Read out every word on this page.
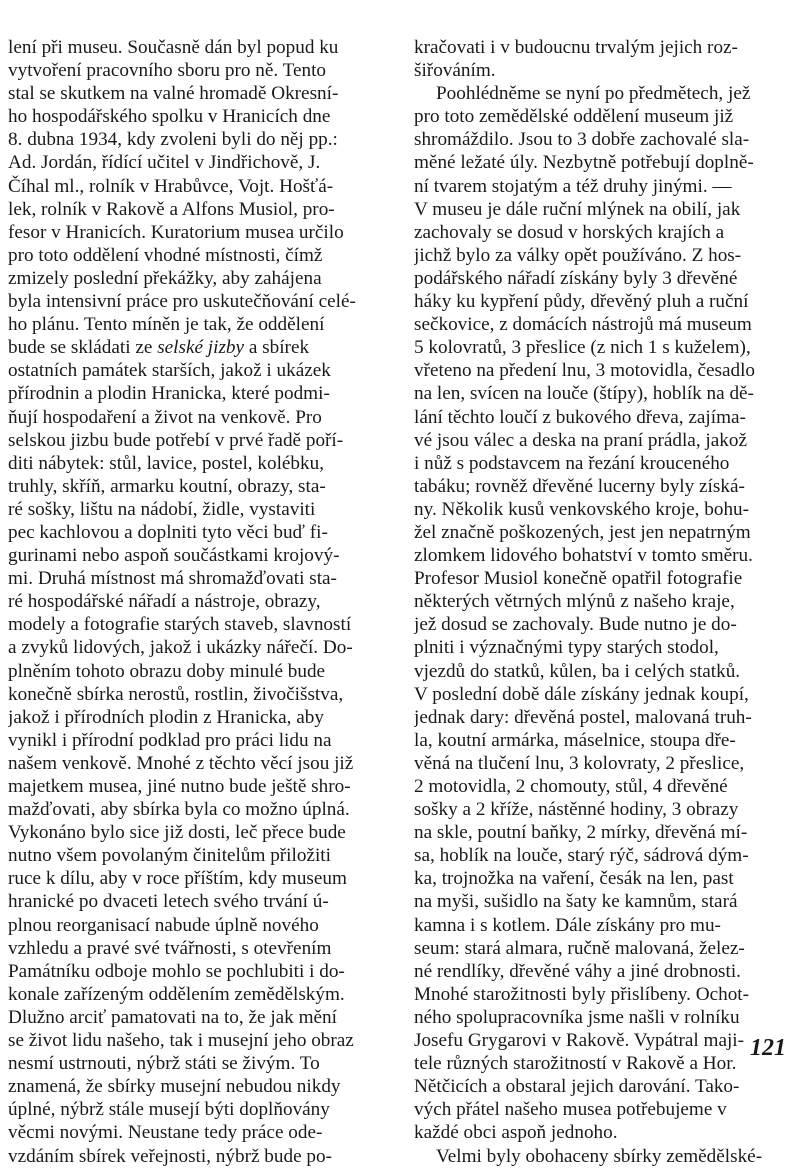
lení při museu. Současně dán byl popud ku
vytvoření pracovního sboru pro ně. Tento
stal se skutkem na valné hromadě Okresní-
ho hospodářského spolku v Hranicích dne
8. dubna 1934, kdy zvoleni byli do něj pp.:
Ad. Jordán, řídící učitel v Jindřichově, J.
Číhal ml., rolník v Hrabůvce, Vojt. Hošťá-
lek, rolník v Rakově a Alfons Musiol, pro-
fesor v Hranicích. Kuratorium musea určilo
pro toto oddělení vhodné místnosti, čímž
zmizely poslední překážky, aby zahájena
byla intensivní práce pro uskutečňování celé-
ho plánu. Tento míněn je tak, že oddělení
bude se skládati ze selské jizby a sbírek
ostatních památek starších, jakož i ukázek
přírodnin a plodin Hranicka, které podmi-
ňují hospodaření a život na venkově. Pro
selskou jizbu bude potřebí v prvé řadě poří-
diti nábytek: stůl, lavice, postel, kolébku,
truhly, skříň, armarku koutní, obrazy, sta-
ré sošky, lištu na nádobí, židle, vystaviti
pec kachlovou a doplniti tyto věci buď fi-
gurinami nebo aspoň součástkami krojový-
mi. Druhá místnost má shromažďovati sta-
ré hospodářské nářadí a nástroje, obrazy,
modely a fotografie starých staveb, slavností
a zvyků lidových, jakož i ukázky nářečí. Do-
plněním tohoto obrazu doby minulé bude
konečně sbírka nerostů, rostlin, živočišstva,
jakož i přírodních plodin z Hranicka, aby
vynikl i přírodní podklad pro práci lidu na
našem venkově. Mnohé z těchto věcí jsou již
majetkem musea, jiné nutno bude ještě shro-
mažďovati, aby sbírka byla co možno úplná.
Vykonáno bylo sice již dosti, leč přece bude
nutno všem povolaným činitelům přiložiti
ruce k dílu, aby v roce příštím, kdy museum
hranické po dvaceti letech svého trvání ú-
plnou reorganisací nabude úplně nového
vzhledu a pravé své tvářnosti, s otevřením
Památníku odboje mohlo se pochlubiti i do-
konale zařízeným oddělením zemědělským.
Dlužno arciť pamatovati na to, že jak mění
se život lidu našeho, tak i musejní jeho obraz
nesmí ustrnouti, nýbrž státi se živým. To
znamená, že sbírky musejní nebudou nikdy
úplné, nýbrž stále musejí býti doplňovány
věcmi novými. Neustane tedy práce ode-
vzdáním sbírek veřejnosti, nýbrž bude po-
kračovati i v budoucnu trvalým jejich roz-
šiřováním.
Poohlédněme se nyní po předmětech, jež
pro toto zemědělské oddělení museum již
shromáždilo. Jsou to 3 dobře zachovalé sla-
měné ležaté úly. Nezbytně potřebují doplně-
ní tvarem stojatým a též druhy jinými. —
V museu je dále ruční mlýnek na obilí, jak
zachovaly se dosud v horských krajích a
jichž bylo za války opět používáno. Z hos-
podářského nářadí získány byly 3 dřevěné
háky ku kypření půdy, dřevěný pluh a ruční
sečkovice, z domácích nástrojů má museum
5 kolovratů, 3 přeslice (z nich 1 s kuželem),
vřeteno na předení lnu, 3 motovidla, česadlo
na len, svícen na louče (štípy), hoblík na dě-
lání těchto loučí z bukového dřeva, zajíma-
vé jsou válec a deska na praní prádla, jakož
i nůž s podstavcem na řezání krouceného
tabáku; rovněž dřevěné lucerny byly získá-
ny. Několik kusů venkovského kroje, bohu-
žel značně poškozených, jest jen nepatrným
zlomkem lidového bohatství v tomto směru.
Profesor Musiol konečně opatřil fotografie
některých větrných mlýnů z našeho kraje,
jež dosud se zachovaly. Bude nutno je do-
plniti i význačnými typy starých stodol,
vjezdů do statků, kůlen, ba i celých statků.
V poslední době dále získány jednak koupí,
jednak dary: dřevěná postel, malovaná truh-
la, koutní armárka, máselnice, stoupa dře-
věná na tlučení lnu, 3 kolovraty, 2 přeslice,
2 motovidla, 2 chomouty, stůl, 4 dřevěné
sošky a 2 kříže, nástěnné hodiny, 3 obrazy
na skle, poutní baňky, 2 mírky, dřevěná mí-
sa, hoblík na louče, starý rýč, sádrová dým-
ka, trojnožka na vaření, česák na len, past
na myši, sušidlo na šaty ke kamnům, stará
kamna i s kotlem. Dále získány pro mu-
seum: stará almara, ručně malovaná, želez-
né rendlíky, dřevěné váhy a jiné drobnosti.
Mnohé starožitnosti byly přislíbeny. Ochot-
ného spolupracovníka jsme našli v rolníku
Josefu Grygarovi v Rakově. Vypátral maji-
tele různých starožitností v Rakově a Hor.
Nětčicích a obstaral jejich darování. Tako-
vých přátel našeho musea potřebujeme v
každé obci aspoň jednoho.
Velmi byly obohaceny sbírky zemědělské-
121
